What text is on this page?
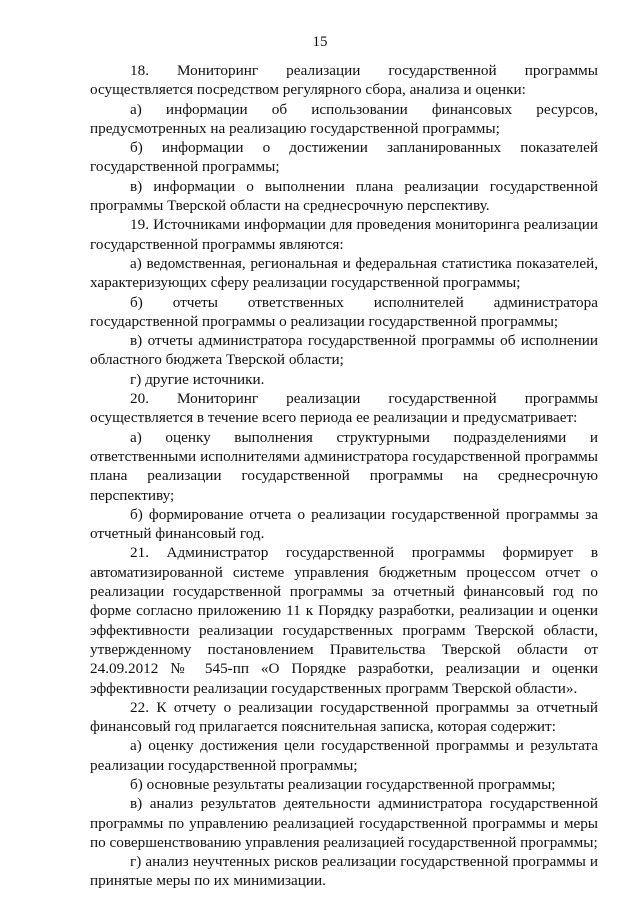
15

18. Мониторинг реализации государственной программы осуществляется посредством регулярного сбора, анализа и оценки:

а) информации об использовании финансовых ресурсов, предусмотренных на реализацию государственной программы;

б) информации о достижении запланированных показателей государственной программы;

в) информации о выполнении плана реализации государственной программы Тверской области на среднесрочную перспективу.

19. Источниками информации для проведения мониторинга реализации государственной программы являются:

а) ведомственная, региональная и федеральная статистика показателей, характеризующих сферу реализации государственной программы;

б) отчеты ответственных исполнителей администратора государственной программы о реализации государственной программы;

в) отчеты администратора государственной программы об исполнении областного бюджета Тверской области;

г) другие источники.

20. Мониторинг реализации государственной программы осуществляется в течение всего периода ее реализации и предусматривает:

а) оценку выполнения структурными подразделениями и ответственными исполнителями администратора государственной программы плана реализации государственной программы на среднесрочную перспективу;

б) формирование отчета о реализации государственной программы за отчетный финансовый год.

21. Администратор государственной программы формирует в автоматизированной системе управления бюджетным процессом отчет о реализации государственной программы за отчетный финансовый год по форме согласно приложению 11 к Порядку разработки, реализации и оценки эффективности реализации государственных программ Тверской области, утвержденному постановлением Правительства Тверской области от 24.09.2012 № 545-пп «О Порядке разработки, реализации и оценки эффективности реализации государственных программ Тверской области».

22. К отчету о реализации государственной программы за отчетный финансовый год прилагается пояснительная записка, которая содержит:

а) оценку достижения цели государственной программы и результата реализации государственной программы;

б) основные результаты реализации государственной программы;

в) анализ результатов деятельности администратора государственной программы по управлению реализацией государственной программы и меры по совершенствованию управления реализацией государственной программы;

г) анализ неучтенных рисков реализации государственной программы и принятые меры по их минимизации.
